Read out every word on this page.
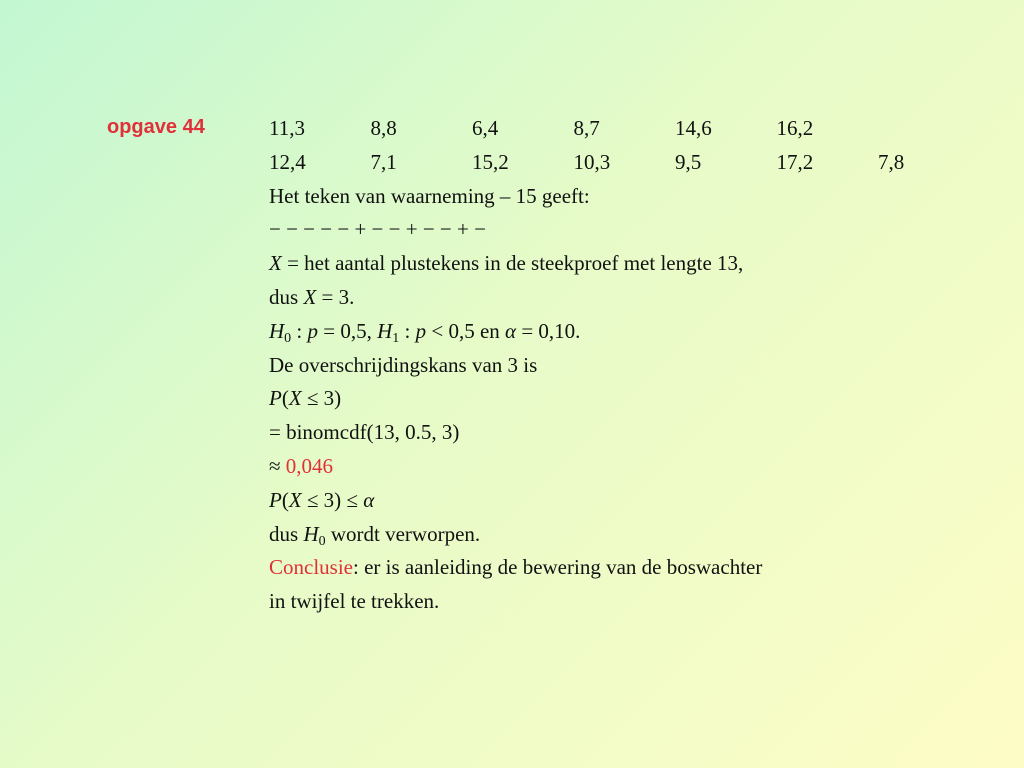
opgave 44	11,3	8,8	6,4	8,7	14,6	16,2
12,4	7,1	15,2	10,3	9,5	17,2	7,8
Het teken van waarneming – 15 geeft:
− − − − − + − − + − − + −
X = het aantal plustekens in de steekproef met lengte 13,
dus X = 3.
$H_0$ : p = 0,5, $H_1$ : p < 0,5 en α = 0,10.
De overschrijdingskans van 3 is
P(X ≤ 3)
= binomcdf(13, 0.5, 3)
≈ 0,046
P(X ≤ 3) ≤ α
dus $H_0$ wordt verworpen.
Conclusie: er is aanleiding de bewering van de boswachter
in twijfel te trekken.
